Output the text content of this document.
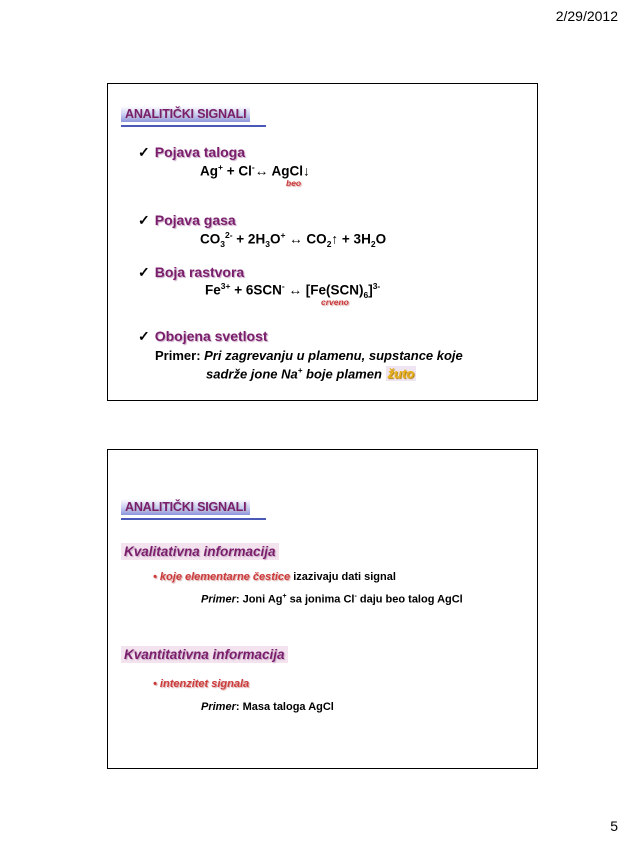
2/29/2012
ANALITIČKI SIGNALI
✓ Pojava taloga
Ag+ + Cl-↔ AgCl↓
beo
✓ Pojava gasa
$CO_3^{2-} + 2H_3O^+$ ↔ $CO_2↑ + 3H_2O$
✓ Boja rastvora
$Fe^{3+} + 6SCN^-$ ↔ $[Fe(SCN)_6]^{3-}$
crveno
✓ Obojena svetlost
Primer: Pri zagrevanju u plamenu, supstance koje
sadrže jone Na+ boje plamen žuto
ANALITIČKI SIGNALI
Kvalitativna informacija
• koje elementarne čestice izazivaju dati signal
Primer: Joni Ag+ sa jonima Cl- daju beo talog AgCl
Kvantitativna informacija
• intenzitet signala
Primer: Masa taloga AgCl
5
